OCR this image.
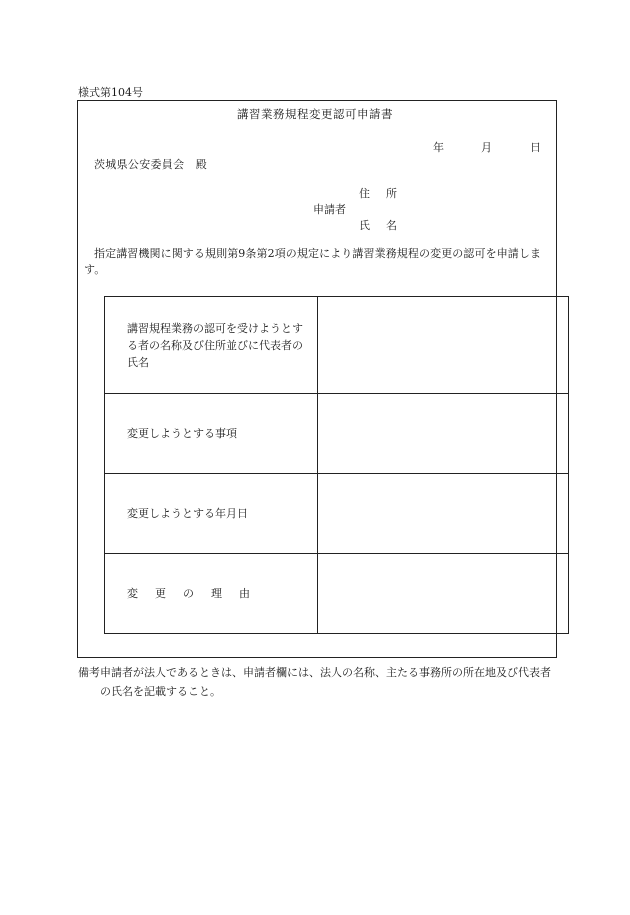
様式第104号
講習業務規程変更認可申請書
年	月	日
茨城県公安委員会　殿
住所
申請者
氏名
指定講習機関に関する規則第9条第2項の規定により講習業務規程の変更の認可を申請します。
講習規程業務の認可を受けようとする者の名称及び住所並びに代表者の氏名	
変更しようとする事項	
変更しようとする年月日	
変更の理由	
備考 申請者が法人であるときは、申請者欄には、法人の名称、主たる事務所の所在地及び代表者の氏名を記載すること。
